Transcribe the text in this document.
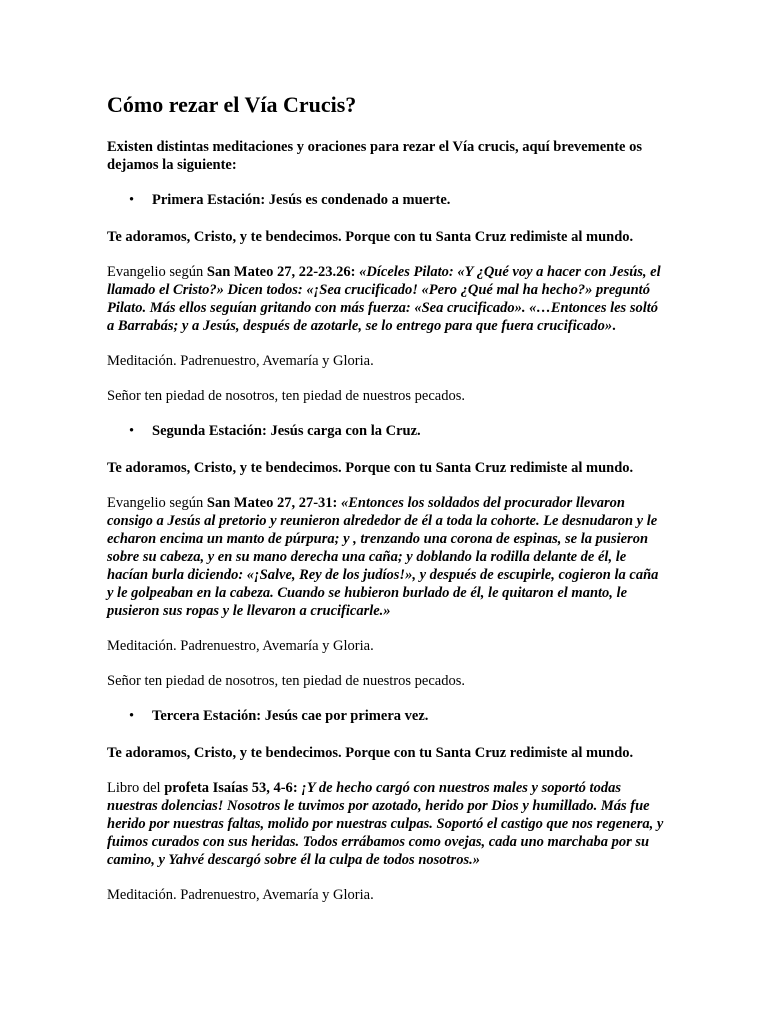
Cómo rezar el Vía Crucis?

Existen distintas meditaciones y oraciones para rezar el Vía crucis, aquí brevemente os dejamos la siguiente:

• Primera Estación: Jesús es condenado a muerte.

Te adoramos, Cristo, y te bendecimos. Porque con tu Santa Cruz redimiste al mundo.

Evangelio según San Mateo 27, 22-23.26: «Díceles Pilato: «Y ¿Qué voy a hacer con Jesús, el llamado el Cristo?» Dicen todos: «¡Sea crucificado! «Pero ¿Qué mal ha hecho?» preguntó Pilato. Más ellos seguían gritando con más fuerza: «Sea crucificado». «…Entonces les soltó a Barrabás; y a Jesús, después de azotarle, se lo entrego para que fuera crucificado».

Meditación. Padrenuestro, Avemaría y Gloria.

Señor ten piedad de nosotros, ten piedad de nuestros pecados.

• Segunda Estación: Jesús carga con la Cruz.

Te adoramos, Cristo, y te bendecimos. Porque con tu Santa Cruz redimiste al mundo.

Evangelio según San Mateo 27, 27-31: «Entonces los soldados del procurador llevaron consigo a Jesús al pretorio y reunieron alrededor de él a toda la cohorte. Le desnudaron y le echaron encima un manto de púrpura; y , trenzando una corona de espinas, se la pusieron sobre su cabeza, y en su mano derecha una caña; y doblando la rodilla delante de él, le hacían burla diciendo: «¡Salve, Rey de los judíos!», y después de escupirle, cogieron la caña y le golpeaban en la cabeza. Cuando se hubieron burlado de él, le quitaron el manto, le pusieron sus ropas y le llevaron a crucificarle.»

Meditación. Padrenuestro, Avemaría y Gloria.

Señor ten piedad de nosotros, ten piedad de nuestros pecados.

• Tercera Estación: Jesús cae por primera vez.

Te adoramos, Cristo, y te bendecimos. Porque con tu Santa Cruz redimiste al mundo.

Libro del profeta Isaías 53, 4-6: ¡Y de hecho cargó con nuestros males y soportó todas nuestras dolencias! Nosotros le tuvimos por azotado, herido por Dios y humillado. Más fue herido por nuestras faltas, molido por nuestras culpas. Soportó el castigo que nos regenera, y fuimos curados con sus heridas. Todos errábamos como ovejas, cada uno marchaba por su camino, y Yahvé descargó sobre él la culpa de todos nosotros.»

Meditación. Padrenuestro, Avemaría y Gloria.
